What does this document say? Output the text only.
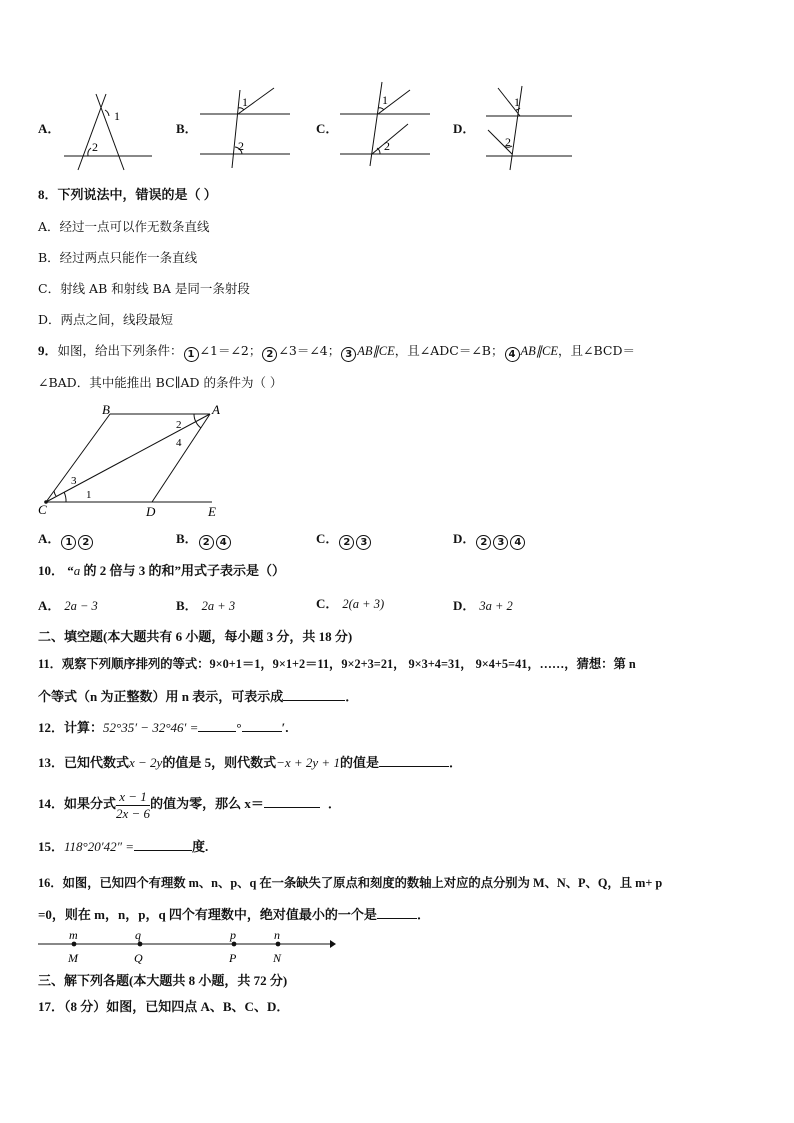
A．
1
2
B．
1
2
C．
1
2
D．
1
2
8．下列说法中，错误的是（ ）
A．经过一点可以作无数条直线
B．经过两点只能作一条直线
C．射线 AB 和射线 BA 是同一条射段
D．两点之间，线段最短
9．如图，给出下列条件： 1 ∠1＝∠2； 2 ∠3＝∠4； 3 AB∥CE，且∠ADC＝∠B； 4 AB∥CE，且∠BCD＝
∠BAD．其中能推出 BC∥AD 的条件为（ ）
B	A
C	D	E
1
2
3
4
A． 1 2	B． 2 4	C． 2 3	D． 2 3 4
10． “a 的 2 倍与 3 的和”用式子表示是（）
A． 2a − 3	B． 2a + 3	C． 2(a + 3)	D． 3a + 2
二、填空题(本大题共有 6 小题，每小题 3 分，共 18 分)
11．观察下列顺序排列的等式：9×0+1＝1，9×1+2＝11，9×2+3=21， 9×3+4=31， 9×4+5=41，……，猜想：第 n
个等式（n 为正整数）用 n 表示，可表示成	．
12．计算：52°35′ − 32°46′ =	°	′.
13．已知代数式x − 2y的值是 5，则代数式−x + 2y + 1的值是	．
14．如果分式 $\frac{x - 1}{2x - 6}$ 的值为零，那么 x＝	．
15．118°20′42″ =	度.
16．如图，已知四个有理数 m、n、p、q 在一条缺失了原点和刻度的数轴上对应的点分别为 M、N、P、Q，且 m+ p
=0，则在 m，n，p，q 四个有理数中，绝对值最小的一个是	．
m	q	p	n
M	Q	P	N
三、解下列各题(本大题共 8 小题，共 72 分)
17．（8 分）如图，已知四点 A、B、C、D．
